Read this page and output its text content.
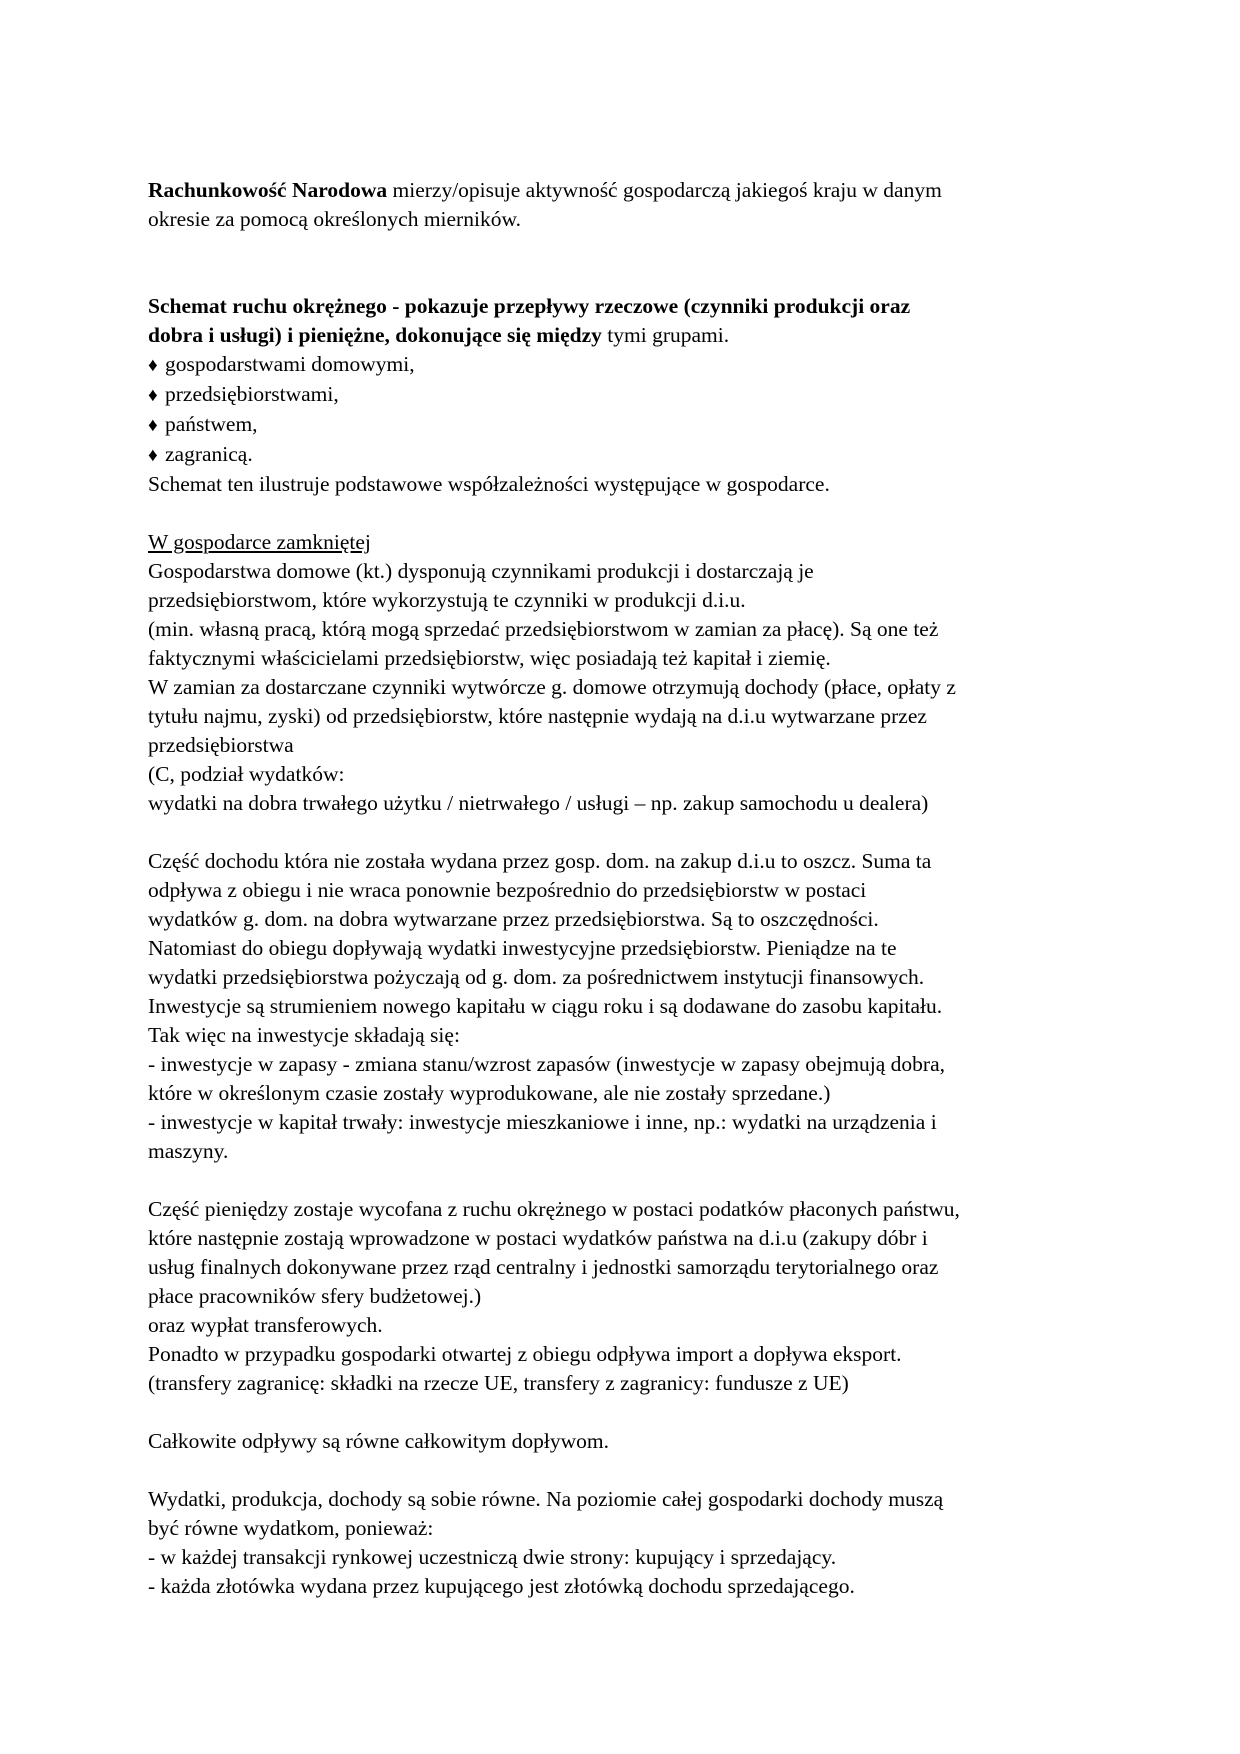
Rachunkowość Narodowa mierzy/opisuje aktywność gospodarczą jakiegoś kraju w danym
okresie za pomocą określonych mierników.
Schemat ruchu okrężnego - pokazuje przepływy rzeczowe (czynniki produkcji oraz
dobra i usługi) i pieniężne, dokonujące się między tymi grupami.
♦ gospodarstwami domowymi,
♦ przedsiębiorstwami,
♦ państwem,
♦ zagranicą.
Schemat ten ilustruje podstawowe współzależności występujące w gospodarce.
W gospodarce zamkniętej
Gospodarstwa domowe (kt.) dysponują czynnikami produkcji i dostarczają je
przedsiębiorstwom, które wykorzystują te czynniki w produkcji d.i.u.
(min. własną pracą, którą mogą sprzedać przedsiębiorstwom w zamian za płacę). Są one też
faktycznymi właścicielami przedsiębiorstw, więc posiadają też kapitał i ziemię.
W zamian za dostarczane czynniki wytwórcze g. domowe otrzymują dochody (płace, opłaty z
tytułu najmu, zyski) od przedsiębiorstw, które następnie wydają na d.i.u wytwarzane przez
przedsiębiorstwa
(C, podział wydatków:
wydatki na dobra trwałego użytku / nietrwałego / usługi – np. zakup samochodu u dealera)
Część dochodu która nie została wydana przez gosp. dom. na zakup d.i.u to oszcz. Suma ta
odpływa z obiegu i nie wraca ponownie bezpośrednio do przedsiębiorstw w postaci
wydatków g. dom. na dobra wytwarzane przez przedsiębiorstwa. Są to oszczędności.
Natomiast do obiegu dopływają wydatki inwestycyjne przedsiębiorstw. Pieniądze na te
wydatki przedsiębiorstwa pożyczają od g. dom. za pośrednictwem instytucji finansowych.
Inwestycje są strumieniem nowego kapitału w ciągu roku i są dodawane do zasobu kapitału.
Tak więc na inwestycje składają się:
- inwestycje w zapasy - zmiana stanu/wzrost zapasów (inwestycje w zapasy obejmują dobra,
które w określonym czasie zostały wyprodukowane, ale nie zostały sprzedane.)
- inwestycje w kapitał trwały: inwestycje mieszkaniowe i inne, np.: wydatki na urządzenia i
maszyny.
Część pieniędzy zostaje wycofana z ruchu okrężnego w postaci podatków płaconych państwu,
które następnie zostają wprowadzone w postaci wydatków państwa na d.i.u (zakupy dóbr i
usług finalnych dokonywane przez rząd centralny i jednostki samorządu terytorialnego oraz
płace pracowników sfery budżetowej.)
oraz wypłat transferowych.
Ponadto w przypadku gospodarki otwartej z obiegu odpływa import a dopływa eksport.
(transfery zagranicę: składki na rzecze UE, transfery z zagranicy: fundusze z UE)
Całkowite odpływy są równe całkowitym dopływom.
Wydatki, produkcja, dochody są sobie równe. Na poziomie całej gospodarki dochody muszą
być równe wydatkom, ponieważ:
- w każdej transakcji rynkowej uczestniczą dwie strony: kupujący i sprzedający.
- każda złotówka wydana przez kupującego jest złotówką dochodu sprzedającego.
